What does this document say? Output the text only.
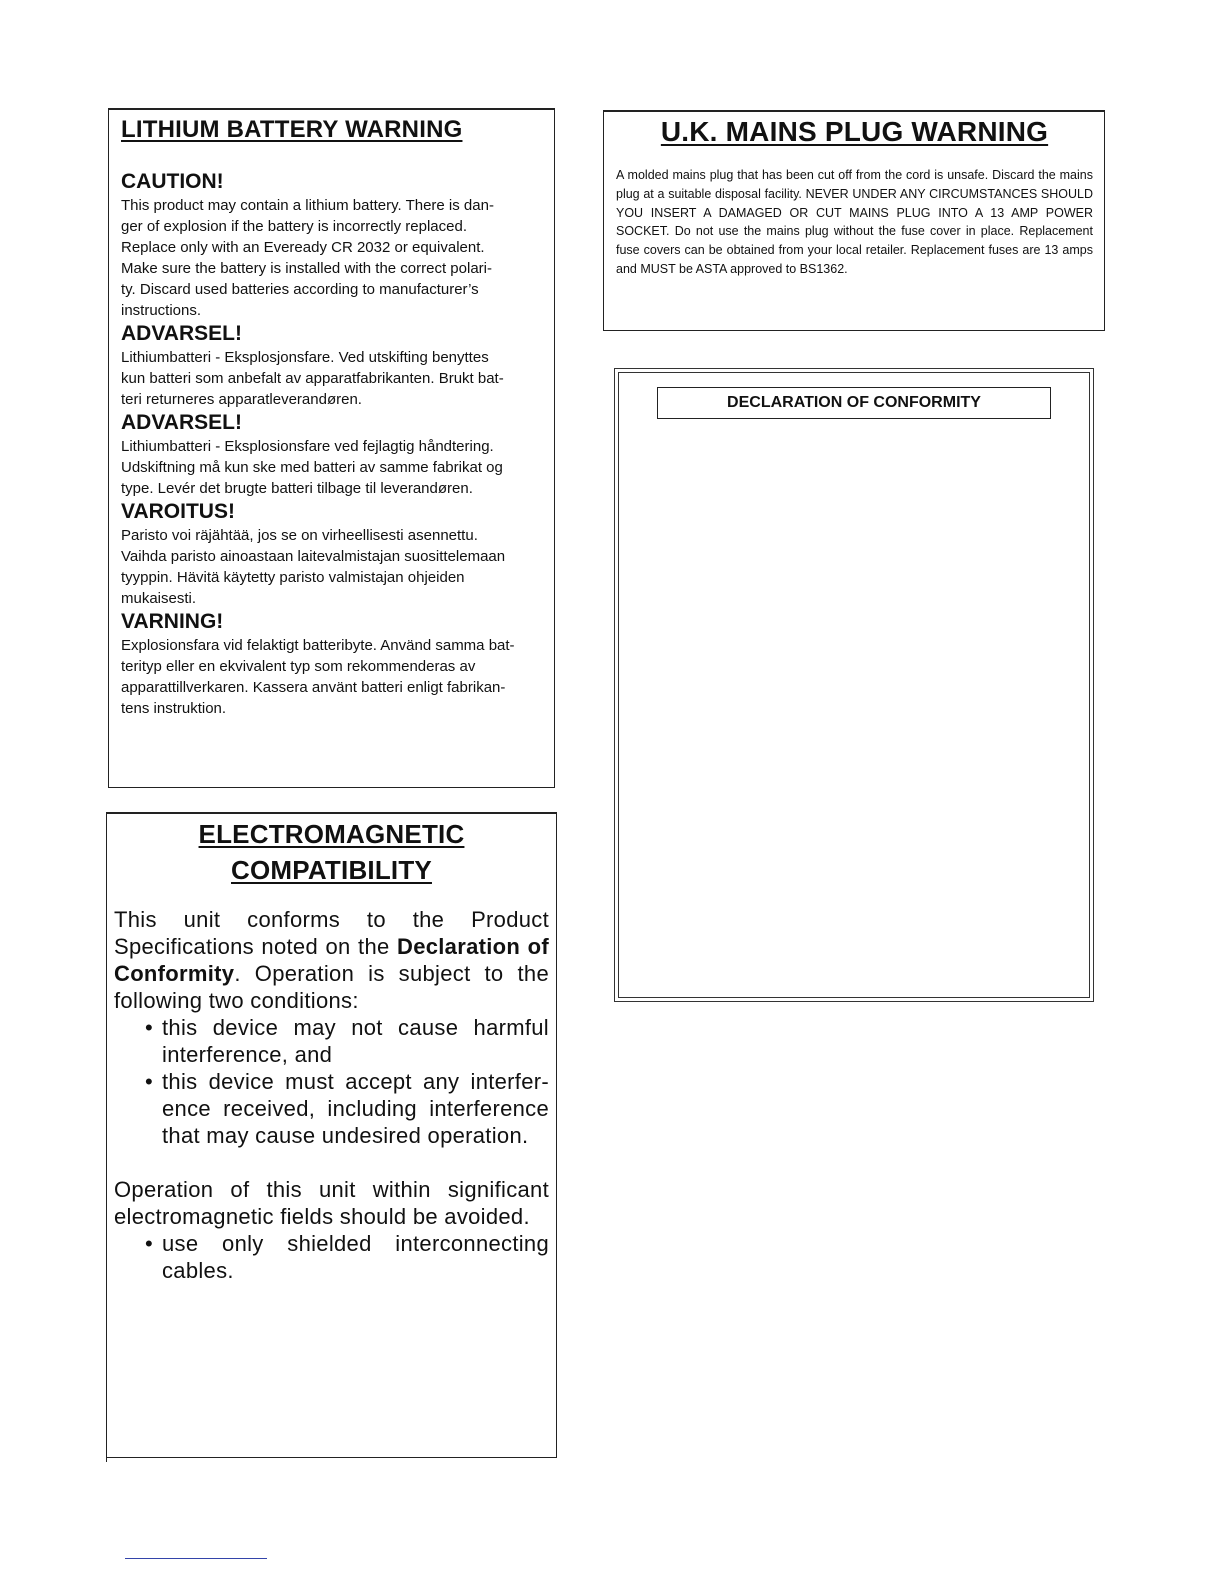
LITHIUM BATTERY WARNING
CAUTION!

This product may contain a lithium battery. There is dan-

ger of explosion if the battery is incorrectly replaced.

Replace only with an Eveready CR 2032 or equivalent.

Make sure the battery is installed with the correct polari-

ty. Discard used batteries according to manufacturer’s

instructions.

ADVARSEL!

Lithiumbatteri - Eksplosjonsfare. Ved utskifting benyttes

kun batteri som anbefalt av apparatfabrikanten. Brukt bat-

teri returneres apparatleverandøren.

ADVARSEL!

Lithiumbatteri - Eksplosionsfare ved fejlagtig håndtering.

Udskiftning må kun ske med batteri av samme fabrikat og

type. Levér det brugte batteri tilbage til leverandøren.

VAROITUS!

Paristo voi räjähtää, jos se on virheellisesti asennettu.

Vaihda paristo ainoastaan laitevalmistajan suosittelemaan

tyyppin. Hävitä käytetty paristo valmistajan ohjeiden

mukaisesti.

VARNING!

Explosionsfara vid felaktigt batteribyte. Använd samma bat-

terityp eller en ekvivalent typ som rekommenderas av

apparattillverkaren. Kassera använt batteri enligt fabrikan-

tens instruktion.

U.K. MAINS PLUG WARNING

A molded mains plug that has been cut off from the cord is unsafe. Discard the mains plug at a suitable disposal facility. NEVER UNDER ANY CIRCUMSTANCES SHOULD YOU INSERT A DAMAGED OR CUT MAINS PLUG INTO A 13 AMP POWER SOCKET. Do not use the mains plug without the fuse cover in place. Replacement fuse covers can be obtained from your local retailer. Replacement fuses are 13 amps and MUST be ASTA approved to BS1362.

DECLARATION OF CONFORMITY
ELECTROMAGNETIC
COMPATIBILITY

This unit conforms to the Product Specifications noted on the Declaration of Conformity. Operation is subject to the following two conditions:

• this device may not cause harmful interference, and
• this device must accept any interfer-ence received, including interference that may cause undesired operation.

Operation of this unit within significant electromagnetic fields should be avoided.

• use only shielded interconnecting cables.
